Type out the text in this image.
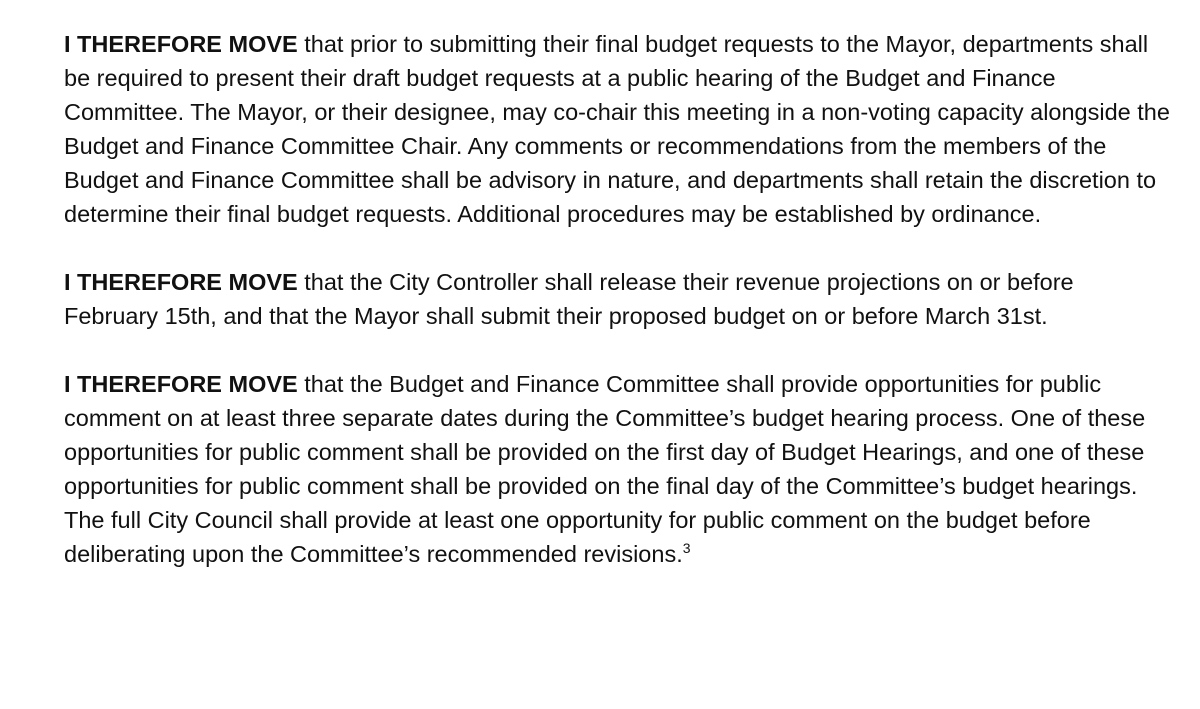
I THEREFORE MOVE that prior to submitting their final budget requests to the Mayor, departments shall be required to present their draft budget requests at a public hearing of the Budget and Finance Committee. The Mayor, or their designee, may co-chair this meeting in a non-voting capacity alongside the Budget and Finance Committee Chair. Any comments or recommendations from the members of the Budget and Finance Committee shall be advisory in nature, and departments shall retain the discretion to determine their final budget requests. Additional procedures may be established by ordinance.

I THEREFORE MOVE that the City Controller shall release their revenue projections on or before February 15th, and that the Mayor shall submit their proposed budget on or before March 31st.

I THEREFORE MOVE that the Budget and Finance Committee shall provide opportunities for public comment on at least three separate dates during the Committee’s budget hearing process. One of these opportunities for public comment shall be provided on the first day of Budget Hearings, and one of these opportunities for public comment shall be provided on the final day of the Committee’s budget hearings. The full City Council shall provide at least one opportunity for public comment on the budget before deliberating upon the Committee’s recommended revisions.$^3$
